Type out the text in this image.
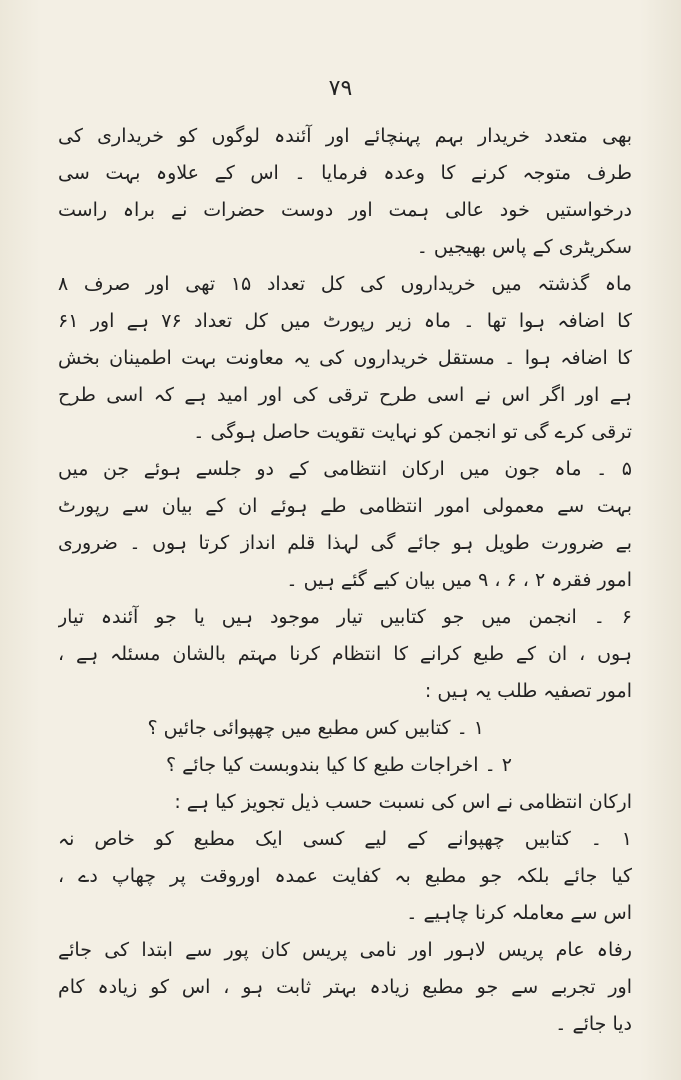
۷۹
بھی متعدد خریدار بہم پہنچائے اور آئندہ لوگوں کو خریداری کی
طرف متوجہ کرنے کا وعدہ فرمایا ۔ اس کے علاوہ بہت سی
درخواستیں خود عالی ہمت اور دوست حضرات نے براہ راست
سکریٹری کے پاس بھیجیں ۔
ماہ گذشتہ میں خریداروں کی کل تعداد ۱۵ تھی اور صرف ۸
کا اضافہ ہوا تھا ۔ ماہ زیر رپورٹ میں کل تعداد ۷۶ ہے اور ۶۱
کا اضافہ ہوا ۔ مستقل خریداروں کی یہ معاونت بہت اطمینان بخش
ہے اور اگر اس نے اسی طرح ترقی کی اور امید ہے کہ اسی طرح
ترقی کرے گی تو انجمن کو نہایت تقویت حاصل ہوگی ۔
۵ ۔ ماہ جون میں ارکان انتظامی کے دو جلسے ہوئے جن میں
بہت سے معمولی امور انتظامی طے ہوئے ان کے بیان سے رپورٹ
بے ضرورت طویل ہو جائے گی لہذا قلم انداز کرتا ہوں ۔ ضروری
امور فقرہ ۲ ، ۶ ، ۹ میں بیان کیے گئے ہیں ۔
۶ ۔ انجمن میں جو کتابیں تیار موجود ہیں یا جو آئندہ تیار
ہوں ، ان کے طبع کرانے کا انتظام کرنا مہتم بالشان مسئلہ ہے ،
امور تصفیہ طلب یہ ہیں :
۱ ۔ کتابیں کس مطبع میں چھپوائی جائیں ؟
۲ ۔ اخراجات طبع کا کیا بندوبست کیا جائے ؟
ارکان انتظامی نے اس کی نسبت حسب ذیل تجویز کیا ہے :
۱ ۔ کتابیں چھپوانے کے لیے کسی ایک مطبع کو خاص نہ
کیا جائے بلکہ جو مطبع بہ کفایت عمدہ اوروقت پر چھاپ دے ،
اس سے معاملہ کرنا چاہیے ۔
رفاہ عام پریس لاہور اور نامی پریس کان پور سے ابتدا کی جائے
اور تجربے سے جو مطبع زیادہ بہتر ثابت ہو ، اس کو زیادہ کام
دیا جائے ۔
